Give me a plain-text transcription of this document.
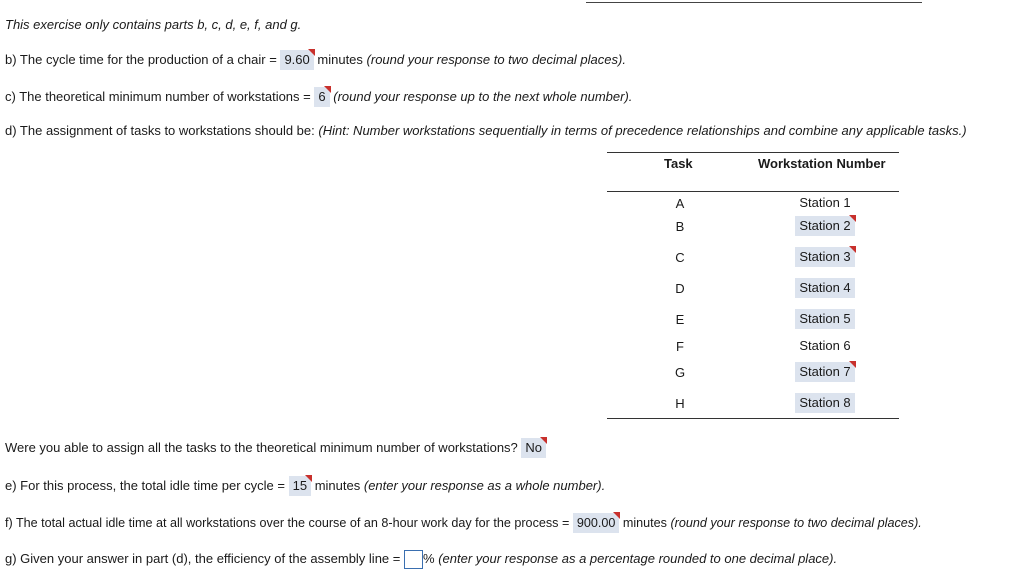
This exercise only contains parts b, c, d, e, f, and g.
b) The cycle time for the production of a chair = 9.60 minutes (round your response to two decimal places).
c) The theoretical minimum number of workstations = 6 (round your response up to the next whole number).
d) The assignment of tasks to workstations should be: (Hint: Number workstations sequentially in terms of precedence relationships and combine any applicable tasks.)
Task	Workstation Number
A	Station 1
B	Station 2
C	Station 3
D	Station 4
E	Station 5
F	Station 6
G	Station 7
H	Station 8
Were you able to assign all the tasks to the theoretical minimum number of workstations? No
e) For this process, the total idle time per cycle = 15 minutes (enter your response as a whole number).
f) The total actual idle time at all workstations over the course of an 8-hour work day for the process = 900.00 minutes (round your response to two decimal places).
g) Given your answer in part (d), the efficiency of the assembly line = % (enter your response as a percentage rounded to one decimal place).
